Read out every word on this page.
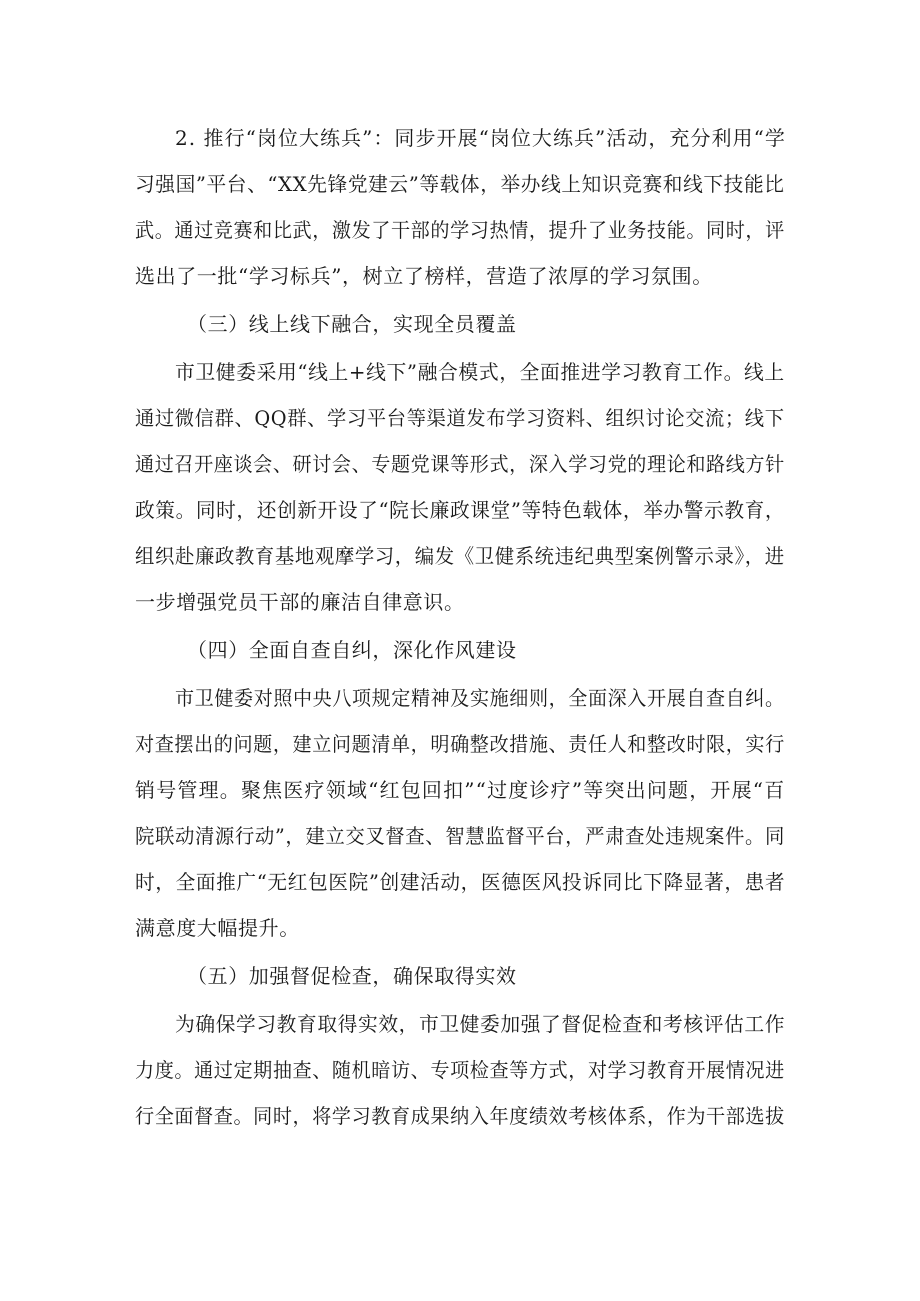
2. 推行“岗位大练兵”：同步开展“岗位大练兵”活动，充分利用“学
习强国”平台、“XX先锋党建云”等载体，举办线上知识竞赛和线下技能比
武。通过竞赛和比武，激发了干部的学习热情，提升了业务技能。同时，评
选出了一批“学习标兵”，树立了榜样，营造了浓厚的学习氛围。
（三）线上线下融合，实现全员覆盖
市卫健委采用“线上+线下”融合模式，全面推进学习教育工作。线上
通过微信群、QQ群、学习平台等渠道发布学习资料、组织讨论交流；线下
通过召开座谈会、研讨会、专题党课等形式，深入学习党的理论和路线方针
政策。同时，还创新开设了“院长廉政课堂”等特色载体，举办警示教育，
组织赴廉政教育基地观摩学习，编发《卫健系统违纪典型案例警示录》，进
一步增强党员干部的廉洁自律意识。
（四）全面自查自纠，深化作风建设
市卫健委对照中央八项规定精神及实施细则，全面深入开展自查自纠。
对查摆出的问题，建立问题清单，明确整改措施、责任人和整改时限，实行
销号管理。聚焦医疗领域“红包回扣”“过度诊疗”等突出问题，开展“百
院联动清源行动”，建立交叉督查、智慧监督平台，严肃查处违规案件。同
时，全面推广“无红包医院”创建活动，医德医风投诉同比下降显著，患者
满意度大幅提升。
（五）加强督促检查，确保取得实效
为确保学习教育取得实效，市卫健委加强了督促检查和考核评估工作
力度。通过定期抽查、随机暗访、专项检查等方式，对学习教育开展情况进
行全面督查。同时，将学习教育成果纳入年度绩效考核体系，作为干部选拔
